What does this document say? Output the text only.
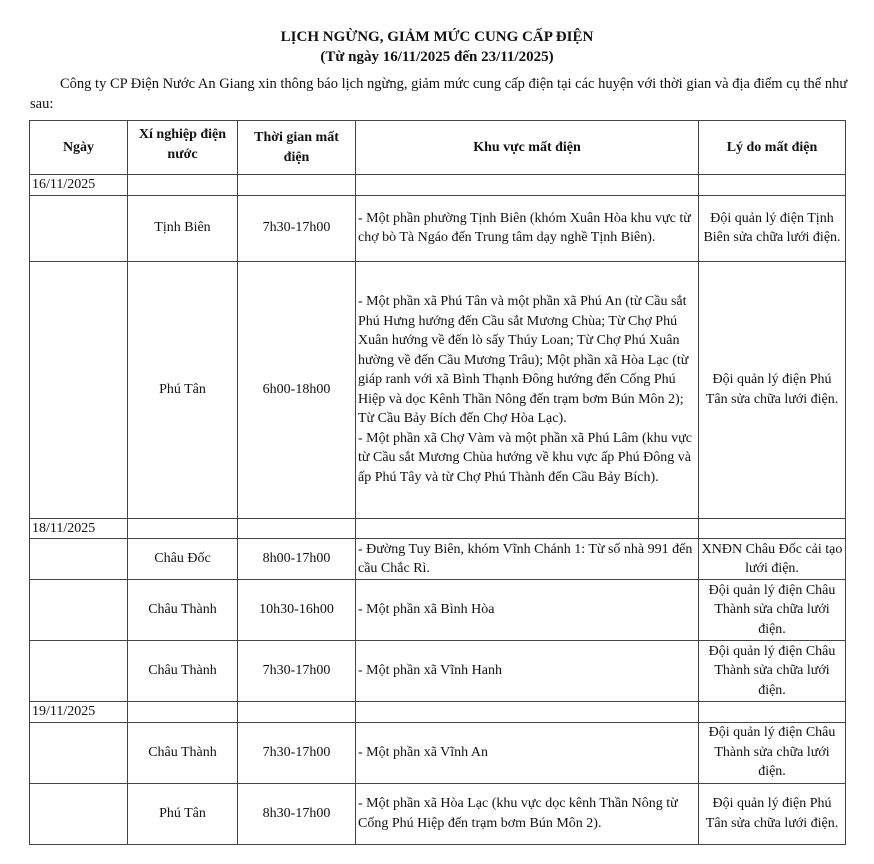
LỊCH NGỪNG, GIẢM MỨC CUNG CẤP ĐIỆN
(Từ ngày 16/11/2025 đến 23/11/2025)
Công ty CP Điện Nước An Giang xin thông báo lịch ngừng, giảm mức cung cấp điện tại các huyện với thời gian và địa điểm cụ thể như sau:
Ngày	Xí nghiệp điện nước	Thời gian mất điện	Khu vực mất điện	Lý do mất điện
16/11/2025				
	Tịnh Biên	7h30-17h00	- Một phần phường Tịnh Biên (khóm Xuân Hòa khu vực từ chợ bò Tà Ngáo đến Trung tâm dạy nghề Tịnh Biên).	Đội quản lý điện Tịnh Biên sửa chữa lưới điện.
	Phú Tân	6h00-18h00	- Một phần xã Phú Tân và một phần xã Phú An (từ Cầu sắt Phú Hưng hướng đến Cầu sắt Mương Chùa; Từ Chợ Phú Xuân hướng về đến lò sấy Thúy Loan; Từ Chợ Phú Xuân hường về đến Cầu Mương Trâu); Một phần xã Hòa Lạc (từ giáp ranh với xã Bình Thạnh Đông hướng đến Cống Phú Hiệp và dọc Kênh Thần Nông đến trạm bơm Bún Môn 2); Từ Cầu Bảy Bích đến Chợ Hòa Lạc).
- Một phần xã Chợ Vàm và một phần xã Phú Lâm (khu vực từ Cầu sắt Mương Chùa hướng về khu vực ấp Phú Đông và ấp Phú Tây và từ Chợ Phú Thành đến Cầu Bảy Bích).	Đội quản lý điện Phú Tân sửa chữa lưới điện.
18/11/2025				
	Châu Đốc	8h00-17h00	- Đường Tuy Biên, khóm Vĩnh Chánh 1: Từ số nhà 991 đến cầu Chắc Rì.	XNĐN Châu Đốc cải tạo lưới điện.
	Châu Thành	10h30-16h00	- Một phần xã Bình Hòa	Đội quản lý điện Châu Thành sửa chữa lưới điện.
	Châu Thành	7h30-17h00	- Một phần xã Vĩnh Hanh	Đội quản lý điện Châu Thành sửa chữa lưới điện.
19/11/2025				
	Châu Thành	7h30-17h00	- Một phần xã Vĩnh An	Đội quản lý điện Châu Thành sửa chữa lưới điện.
	Phú Tân	8h30-17h00	- Một phần xã Hòa Lạc (khu vực dọc kênh Thần Nông từ Cống Phú Hiệp đến trạm bơm Bún Môn 2).	Đội quản lý điện Phú Tân sửa chữa lưới điện.
